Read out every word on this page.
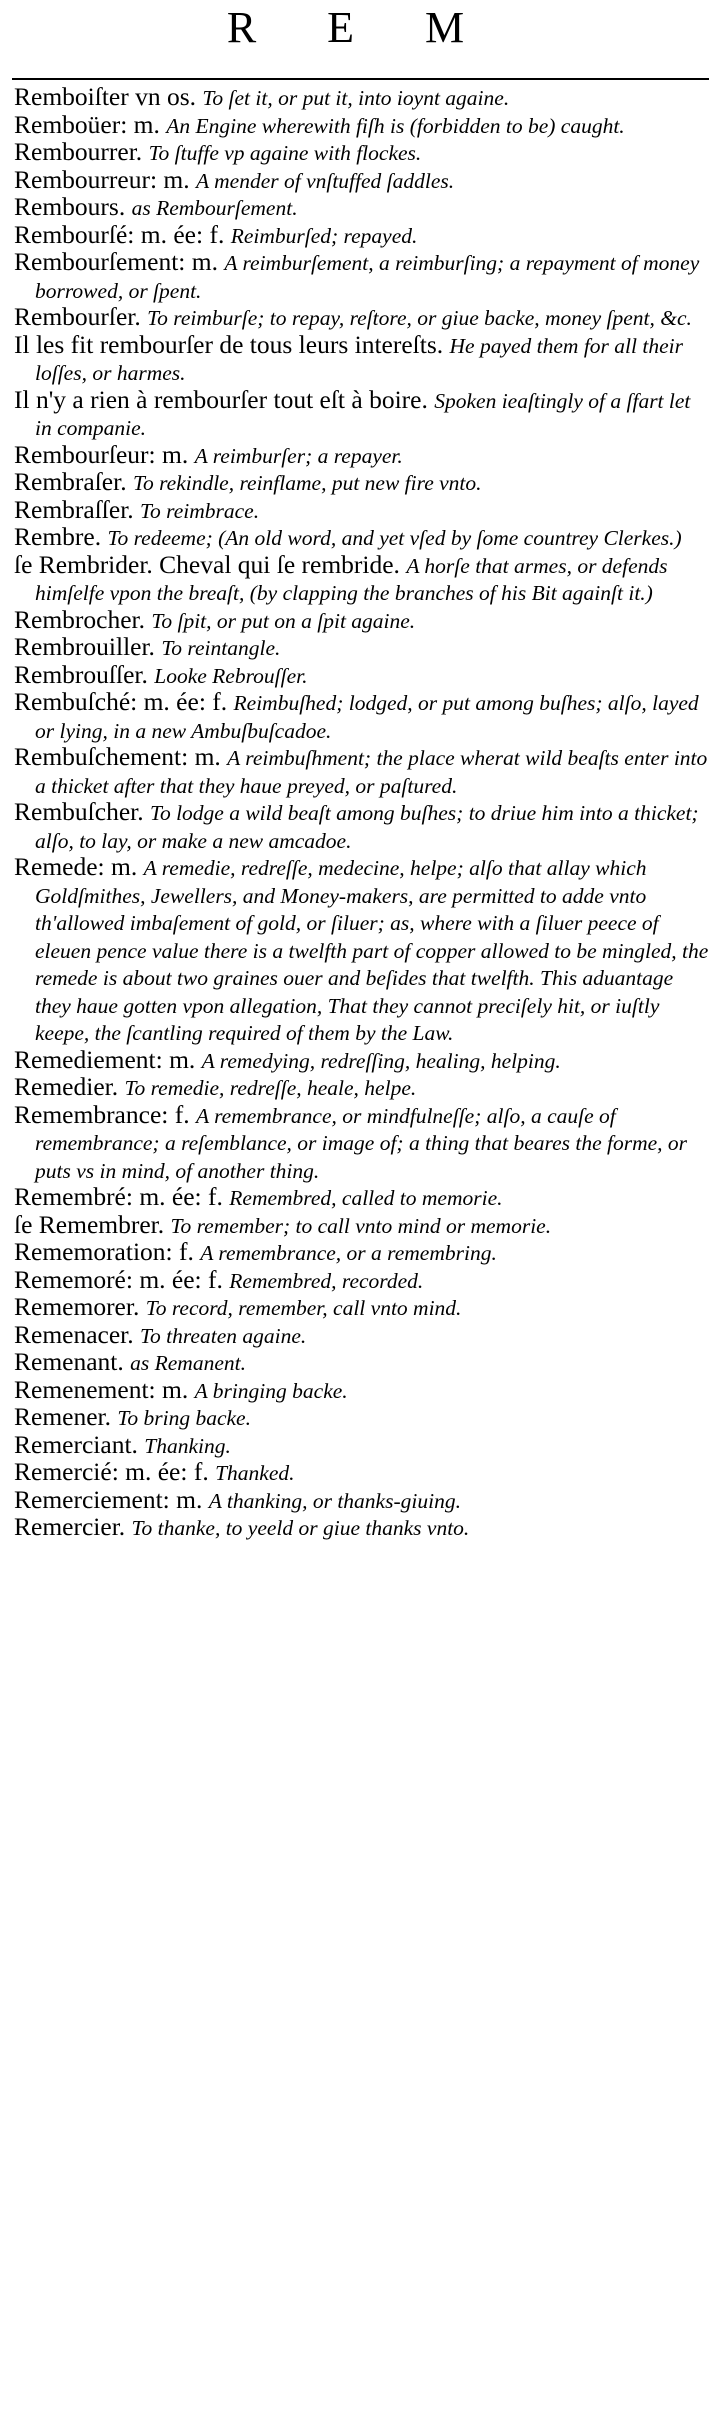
R E M
Remboiſter vn os. To ſet it, or put it, into ioynt againe.
Remboüer: m. An Engine wherewith fiſh is (forbidden to be) caught.
Rembourrer. To ſtuffe vp againe with flockes.
Rembourreur: m. A mender of vnſtuffed ſaddles.
Rembours. as Rembourſement.
Rembourſé: m. ée: f. Reimburſed; repayed.
Rembourſement: m. A reimburſement, a reimburſing; a repayment of money borrowed, or ſpent.
Rembourſer. To reimburſe; to repay, reſtore, or giue backe, money ſpent, &c.
Il les fit rembourſer de tous leurs intereſts. He payed them for all their loſſes, or harmes.
Il n'y a rien à rembourſer tout eſt à boire. Spoken ieaſtingly of a ſfart let in companie.
Rembourſeur: m. A reimburſer; a repayer.
Rembraſer. To rekindle, reinflame, put new fire vnto.
Rembraſſer. To reimbrace.
Rembre. To redeeme; (An old word, and yet vſed by ſome countrey Clerkes.)
ſe Rembrider. Cheval qui ſe rembride. A horſe that armes, or defends himſelfe vpon the breaſt, (by clapping the branches of his Bit againſt it.)
Rembrocher. To ſpit, or put on a ſpit againe.
Rembrouiller. To reintangle.
Rembrouſſer. Looke Rebrouſſer.
Rembuſché: m. ée: f. Reimbuſhed; lodged, or put among buſhes; alſo, layed or lying, in a new Ambuſbuſcadoe.
Rembuſchement: m. A reimbuſhment; the place wherat wild beaſts enter into a thicket after that they haue preyed, or paſtured.
Rembuſcher. To lodge a wild beaſt among buſhes; to driue him into a thicket; alſo, to lay, or make a new amcadoe.
Remede: m. A remedie, redreſſe, medecine, helpe; alſo that allay which Goldſmithes, Jewellers, and Money-makers, are permitted to adde vnto th'allowed imbaſement of gold, or ſiluer; as, where with a ſiluer peece of eleuen pence value there is a twelfth part of copper allowed to be mingled, the remede is about two graines ouer and beſides that twelfth. This aduantage they haue gotten vpon allegation, That they cannot preciſely hit, or iuſtly keepe, the ſcantling required of them by the Law.
Remediement: m. A remedying, redreſſing, healing, helping.
Remedier. To remedie, redreſſe, heale, helpe.
Remembrance: f. A remembrance, or mindfulneſſe; alſo, a cauſe of remembrance; a reſemblance, or image of; a thing that beares the forme, or puts vs in mind, of another thing.
Remembré: m. ée: f. Remembred, called to memorie.
ſe Remembrer. To remember; to call vnto mind or memorie.
Rememoration: f. A remembrance, or a remembring.
Rememoré: m. ée: f. Remembred, recorded.
Rememorer. To record, remember, call vnto mind.
Remenacer. To threaten againe.
Remenant. as Remanent.
Remenement: m. A bringing backe.
Remener. To bring backe.
Remerciant. Thanking.
Remercié: m. ée: f. Thanked.
Remerciement: m. A thanking, or thanks-giuing.
Remercier. To thanke, to yeeld or giue thanks vnto.
